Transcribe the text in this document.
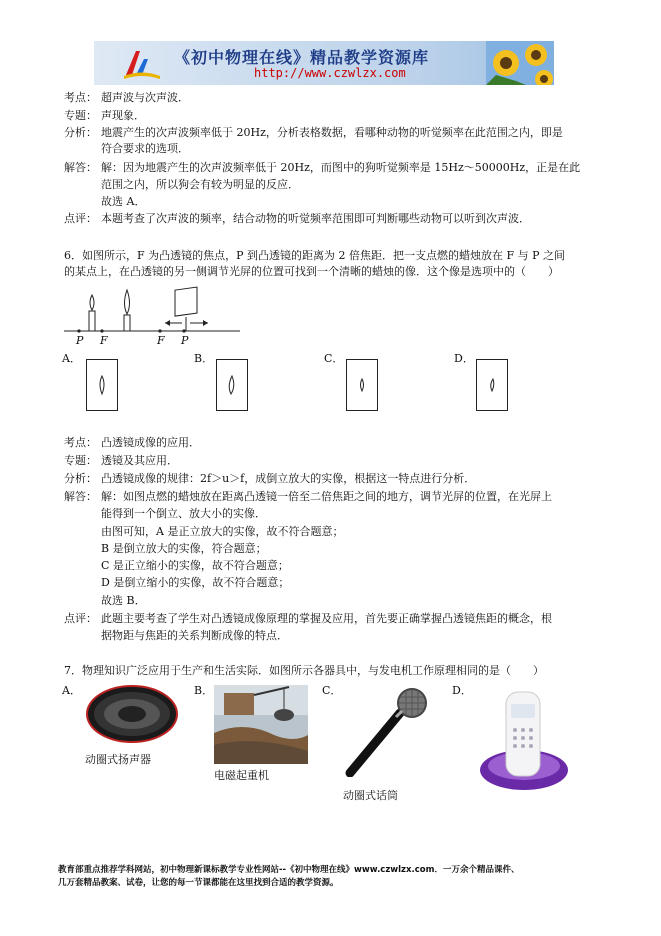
《初中物理在线》精品教学资源库
http://www.czwlzx.com
考点： 超声波与次声波．
专题： 声现象．
分析： 地震产生的次声波频率低于 20Hz，分析表格数据，看哪种动物的听觉频率在此范围之内，即是
符合要求的选项．
解答： 解：因为地震产生的次声波频率低于 20Hz，而图中的狗听觉频率是 15Hz～50000Hz，正是在此
范围之内，所以狗会有较为明显的反应．
故选 A．
点评： 本题考查了次声波的频率，结合动物的听觉频率范围即可判断哪些动物可以听到次声波．
6．如图所示，F 为凸透镜的焦点，P 到凸透镜的距离为 2 倍焦距．把一支点燃的蜡烛放在 F 与 P 之间
的某点上，在凸透镜的另一侧调节光屏的位置可找到一个清晰的蜡烛的像．这个像是选项中的（　　）
P F	F P
A．	B．	C．	D．
考点： 凸透镜成像的应用．
专题： 透镜及其应用．
分析： 凸透镜成像的规律：2f＞u＞f，成倒立放大的实像，根据这一特点进行分析．
解答： 解：如图点燃的蜡烛放在距离凸透镜一倍至二倍焦距之间的地方，调节光屏的位置，在光屏上
能得到一个倒立、放大小的实像．
由图可知，A 是正立放大的实像，故不符合题意；
B 是倒立放大的实像，符合题意；
C 是正立缩小的实像，故不符合题意；
D 是倒立缩小的实像，故不符合题意；
故选 B．
点评： 此题主要考查了学生对凸透镜成像原理的掌握及应用，首先要正确掌握凸透镜焦距的概念，根
据物距与焦距的关系判断成像的特点．
7．物理知识广泛应用于生产和生活实际．如图所示各器具中，与发电机工作原理相同的是（　　）
A．	B．	C．	D．
动圈式扬声器
电磁起重机
动圈式话筒
教育部重点推荐学科网站，初中物理新课标教学专业性网站--《初中物理在线》www.czwlzx.com．一万余个精品课件、
几万套精品教案、试卷，让您的每一节课都能在这里找到合适的教学资源。
